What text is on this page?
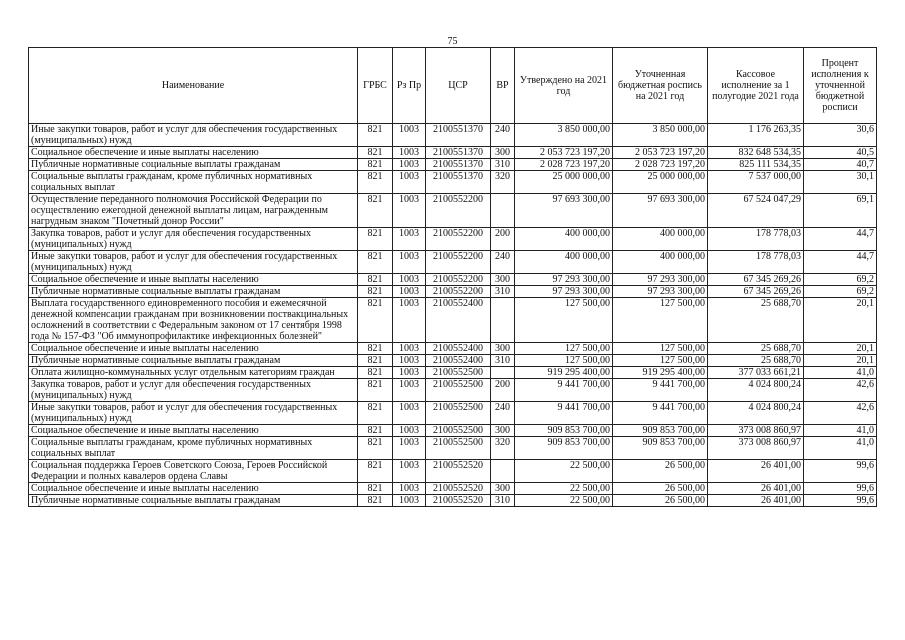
75
Наименование	ГРБС	Рз Пр	ЦСР	ВР	Утверждено на 2021 год	Уточненная бюджетная роспись на 2021 год	Кассовое исполнение за 1 полугодие 2021 года	Процент исполнения к уточненной бюджетной росписи
Иные закупки товаров, работ и услуг для обеспечения государственных (муниципальных) нужд	821	1003	2100551370	240	3 850 000,00	3 850 000,00	1 176 263,35	30,6
Социальное обеспечение и иные выплаты населению	821	1003	2100551370	300	2 053 723 197,20	2 053 723 197,20	832 648 534,35	40,5
Публичные нормативные социальные выплаты гражданам	821	1003	2100551370	310	2 028 723 197,20	2 028 723 197,20	825 111 534,35	40,7
Социальные выплаты гражданам, кроме публичных нормативных социальных выплат	821	1003	2100551370	320	25 000 000,00	25 000 000,00	7 537 000,00	30,1
Осуществление переданного полномочия Российской Федерации по осуществлению ежегодной денежной выплаты лицам, награжденным нагрудным знаком "Почетный донор России"	821	1003	2100552200		97 693 300,00	97 693 300,00	67 524 047,29	69,1
Закупка товаров, работ и услуг для обеспечения государственных (муниципальных) нужд	821	1003	2100552200	200	400 000,00	400 000,00	178 778,03	44,7
Иные закупки товаров, работ и услуг для обеспечения государственных (муниципальных) нужд	821	1003	2100552200	240	400 000,00	400 000,00	178 778,03	44,7
Социальное обеспечение и иные выплаты населению	821	1003	2100552200	300	97 293 300,00	97 293 300,00	67 345 269,26	69,2
Публичные нормативные социальные выплаты гражданам	821	1003	2100552200	310	97 293 300,00	97 293 300,00	67 345 269,26	69,2
Выплата государственного единовременного пособия и ежемесячной денежной компенсации гражданам при возникновении поствакцинальных осложнений в соответствии с Федеральным законом от 17 сентября 1998 года № 157-ФЗ "Об иммунопрофилактике инфекционных болезней"	821	1003	2100552400		127 500,00	127 500,00	25 688,70	20,1
Социальное обеспечение и иные выплаты населению	821	1003	2100552400	300	127 500,00	127 500,00	25 688,70	20,1
Публичные нормативные социальные выплаты гражданам	821	1003	2100552400	310	127 500,00	127 500,00	25 688,70	20,1
Оплата жилищно-коммунальных услуг отдельным категориям граждан	821	1003	2100552500		919 295 400,00	919 295 400,00	377 033 661,21	41,0
Закупка товаров, работ и услуг для обеспечения государственных (муниципальных) нужд	821	1003	2100552500	200	9 441 700,00	9 441 700,00	4 024 800,24	42,6
Иные закупки товаров, работ и услуг для обеспечения государственных (муниципальных) нужд	821	1003	2100552500	240	9 441 700,00	9 441 700,00	4 024 800,24	42,6
Социальное обеспечение и иные выплаты населению	821	1003	2100552500	300	909 853 700,00	909 853 700,00	373 008 860,97	41,0
Социальные выплаты гражданам, кроме публичных нормативных социальных выплат	821	1003	2100552500	320	909 853 700,00	909 853 700,00	373 008 860,97	41,0
Социальная поддержка Героев Советского Союза, Героев Российской Федерации и полных кавалеров ордена Славы	821	1003	2100552520		22 500,00	26 500,00	26 401,00	99,6
Социальное обеспечение и иные выплаты населению	821	1003	2100552520	300	22 500,00	26 500,00	26 401,00	99,6
Публичные нормативные социальные выплаты гражданам	821	1003	2100552520	310	22 500,00	26 500,00	26 401,00	99,6
